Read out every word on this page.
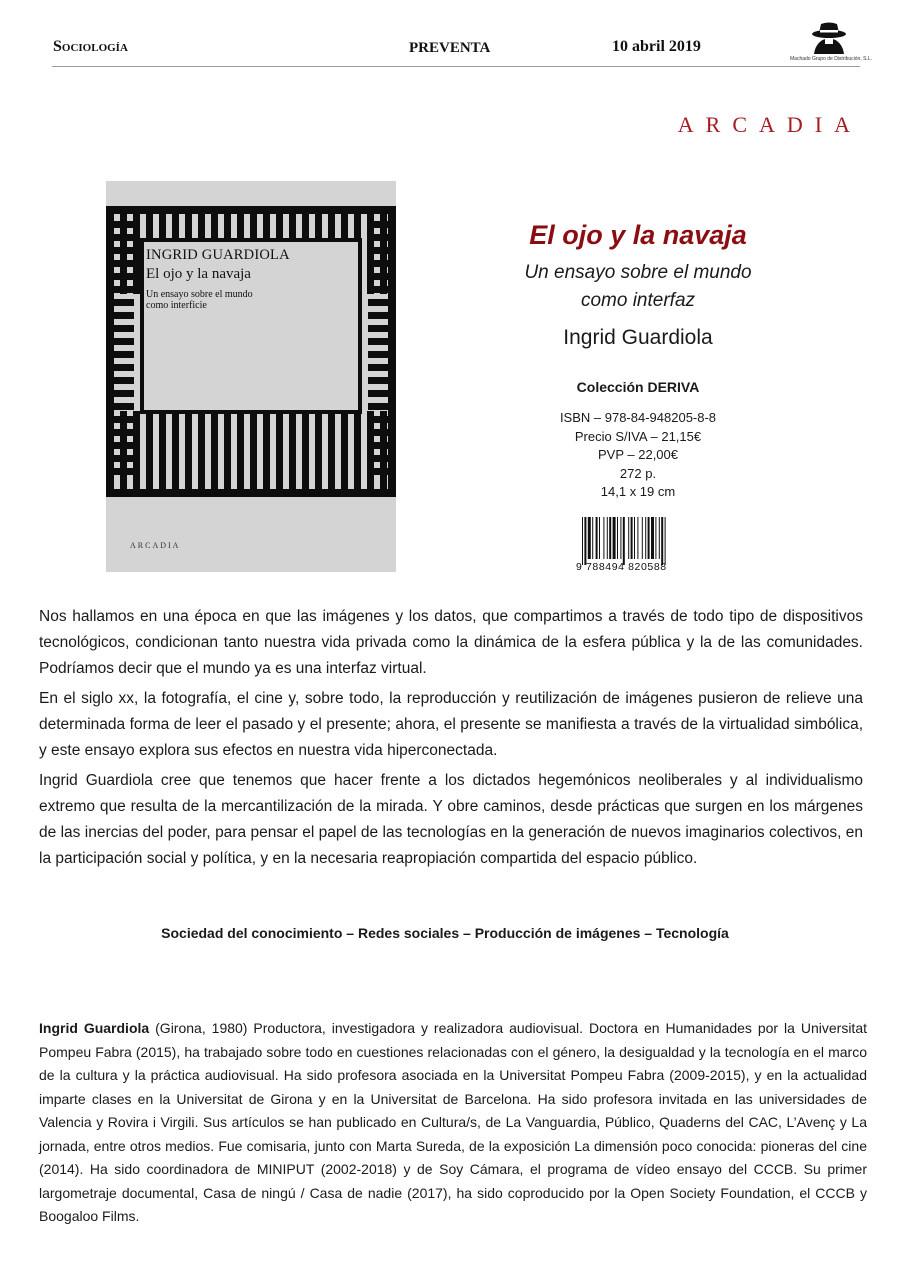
Sociología	PREVENTA	10 abril 2019
Machado Grupo de Distribución, S.L.
ARCADIA
INGRID GUARDIOLA
El ojo y la navaja
Un ensayo sobre el mundo
como interficie
ARCADIA
El ojo y la navaja
Un ensayo sobre el mundo
como interfaz
Ingrid Guardiola
Colección DERIVA
ISBN – 978-84-948205-8-8
Precio S/IVA – 21,15€
PVP – 22,00€
272 p.
14,1 x 19 cm
9 788494 820588
Nos hallamos en una época en que las imágenes y los datos, que compartimos a través de todo tipo de dispositivos tecnológicos, condicionan tanto nuestra vida privada como la dinámica de la esfera pública y la de las comunidades. Podríamos decir que el mundo ya es una interfaz virtual.
En el siglo xx, la fotografía, el cine y, sobre todo, la reproducción y reutilización de imágenes pusieron de relieve una determinada forma de leer el pasado y el presente; ahora, el presente se manifiesta a través de la virtualidad simbólica, y este ensayo explora sus efectos en nuestra vida hiperconectada.
Ingrid Guardiola cree que tenemos que hacer frente a los dictados hegemónicos neoliberales y al individualismo extremo que resulta de la mercantilización de la mirada. Y obre caminos, desde prácticas que surgen en los márgenes de las inercias del poder, para pensar el papel de las tecnologías en la generación de nuevos imaginarios colectivos, en la participación social y política, y en la necesaria reapropiación compartida del espacio público.
Sociedad del conocimiento – Redes sociales – Producción de imágenes – Tecnología
Ingrid Guardiola (Girona, 1980) Productora, investigadora y realizadora audiovisual. Doctora en Humanidades por la Universitat Pompeu Fabra (2015), ha trabajado sobre todo en cuestiones relacionadas con el género, la desigualdad y la tecnología en el marco de la cultura y la práctica audiovisual. Ha sido profesora asociada en la Universitat Pompeu Fabra (2009-2015), y en la actualidad imparte clases en la Universitat de Girona y en la Universitat de Barcelona. Ha sido profesora invitada en las universidades de Valencia y Rovira i Virgili. Sus artículos se han publicado en Cultura/s, de La Vanguardia, Público, Quaderns del CAC, L’Avenç y La jornada, entre otros medios. Fue comisaria, junto con Marta Sureda, de la exposición La dimensión poco conocida: pioneras del cine (2014). Ha sido coordinadora de MINIPUT (2002-2018) y de Soy Cámara, el programa de vídeo ensayo del CCCB. Su primer largometraje documental, Casa de ningú / Casa de nadie (2017), ha sido coproducido por la Open Society Foundation, el CCCB y Boogaloo Films.
